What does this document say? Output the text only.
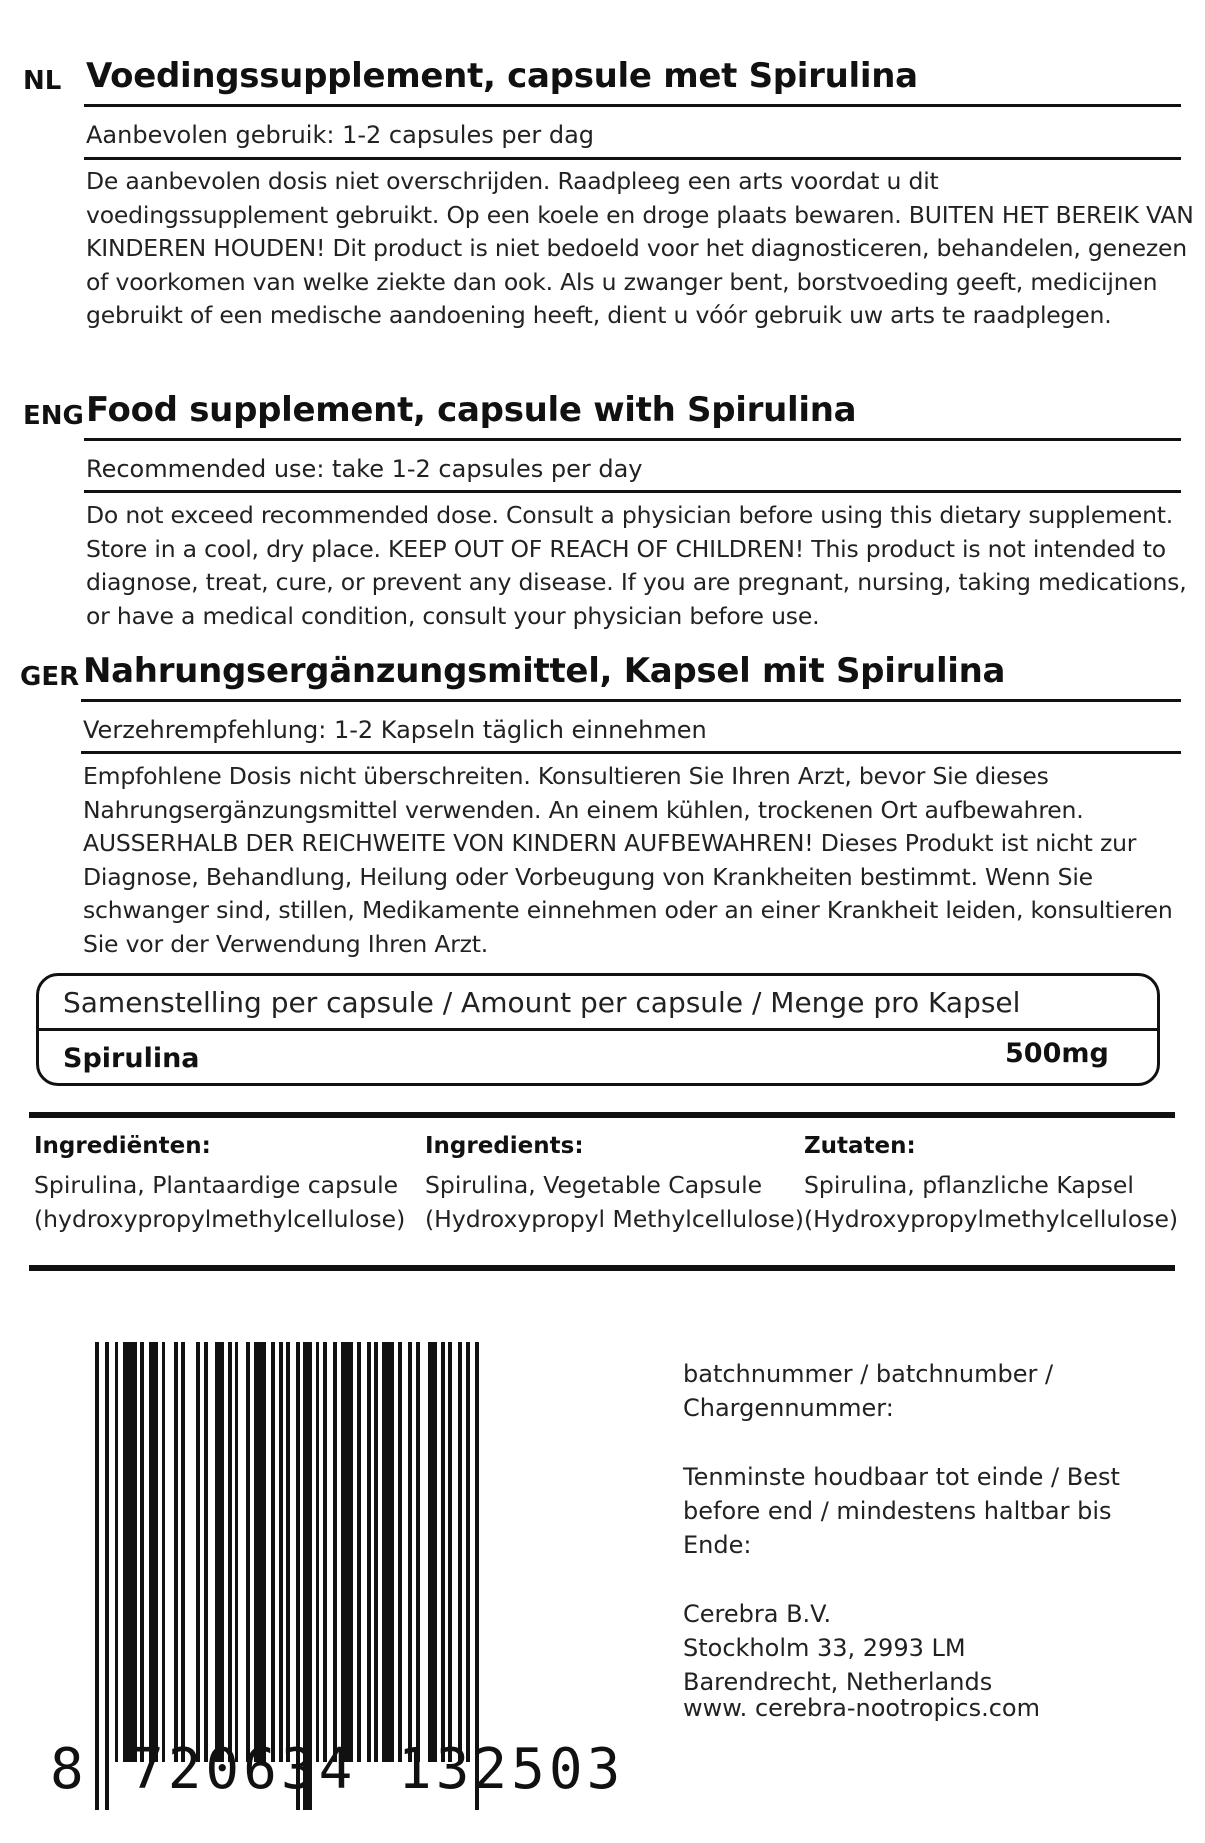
NL Voedingssupplement, capsule met Spirulina
Aanbevolen gebruik: 1-2 capsules per dag
De aanbevolen dosis niet overschrijden. Raadpleeg een arts voordat u dit
voedingssupplement gebruikt. Op een koele en droge plaats bewaren. BUITEN HET BEREIK VAN
KINDEREN HOUDEN! Dit product is niet bedoeld voor het diagnosticeren, behandelen, genezen
of voorkomen van welke ziekte dan ook. Als u zwanger bent, borstvoeding geeft, medicijnen
gebruikt of een medische aandoening heeft, dient u vóór gebruik uw arts te raadplegen.
ENG Food supplement, capsule with Spirulina
Recommended use: take 1-2 capsules per day
Do not exceed recommended dose. Consult a physician before using this dietary supplement.
Store in a cool, dry place. KEEP OUT OF REACH OF CHILDREN! This product is not intended to
diagnose, treat, cure, or prevent any disease. If you are pregnant, nursing, taking medications,
or have a medical condition, consult your physician before use.
GER Nahrungsergänzungsmittel, Kapsel mit Spirulina
Verzehrempfehlung: 1-2 Kapseln täglich einnehmen
Empfohlene Dosis nicht überschreiten. Konsultieren Sie Ihren Arzt, bevor Sie dieses
Nahrungsergänzungsmittel verwenden. An einem kühlen, trockenen Ort aufbewahren.
AUSSERHALB DER REICHWEITE VON KINDERN AUFBEWAHREN! Dieses Produkt ist nicht zur
Diagnose, Behandlung, Heilung oder Vorbeugung von Krankheiten bestimmt. Wenn Sie
schwanger sind, stillen, Medikamente einnehmen oder an einer Krankheit leiden, konsultieren
Sie vor der Verwendung Ihren Arzt.
Samenstelling per capsule / Amount per capsule / Menge pro Kapsel
Spirulina	500mg
Ingrediënten:
Spirulina, Plantaardige capsule
(hydroxypropylmethylcellulose)
Ingredients:
Spirulina, Vegetable Capsule
(Hydroxypropyl Methylcellulose)
Zutaten:
Spirulina, pflanzliche Kapsel
(Hydroxypropylmethylcellulose)
8 720634 132503
batchnummer / batchnumber /
Chargennummer:
Tenminste houdbaar tot einde / Best
before end / mindestens haltbar bis
Ende:
Cerebra B.V.
Stockholm 33, 2993 LM
Barendrecht, Netherlands
www. cerebra-nootropics.com
